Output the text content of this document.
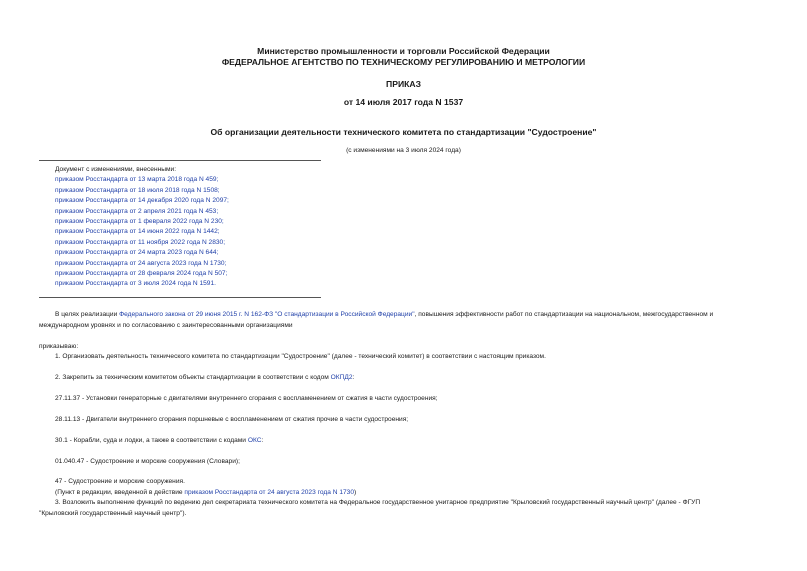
Министерство промышленности и торговли Российской Федерации
ФЕДЕРАЛЬНОЕ АГЕНТСТВО ПО ТЕХНИЧЕСКОМУ РЕГУЛИРОВАНИЮ И МЕТРОЛОГИИ
ПРИКАЗ
от 14 июля 2017 года N 1537
Об организации деятельности технического комитета по стандартизации "Судостроение"
(с изменениями на 3 июля 2024 года)
Документ с изменениями, внесенными:
приказом Росстандарта от 13 марта 2018 года N 459;
приказом Росстандарта от 18 июля 2018 года N 1508;
приказом Росстандарта от 14 декабря 2020 года N 2097;
приказом Росстандарта от 2 апреля 2021 года N 453;
приказом Росстандарта от 1 февраля 2022 года N 230;
приказом Росстандарта от 14 июня 2022 года N 1442;
приказом Росстандарта от 11 ноября 2022 года N 2830;
приказом Росстандарта от 24 марта 2023 года N 644;
приказом Росстандарта от 24 августа 2023 года N 1730;
приказом Росстандарта от 28 февраля 2024 года N 507;
приказом Росстандарта от 3 июля 2024 года N 1591.
В целях реализации Федерального закона от 29 июня 2015 г. N 162-ФЗ "О стандартизации в Российской Федерации", повышения эффективности работ по стандартизации на национальном, межгосударственном и
международном уровнях и по согласованию с заинтересованными организациями
приказываю:
1. Организовать деятельность технического комитета по стандартизации "Судостроение" (далее - технический комитет) в соответствии с настоящим приказом.
2. Закрепить за техническим комитетом объекты стандартизации в соответствии с кодом ОКПД2:
27.11.37 - Установки генераторные с двигателями внутреннего сгорания с воспламенением от сжатия в части судостроения;
28.11.13 - Двигатели внутреннего сгорания поршневые с воспламенением от сжатия прочие в части судостроения;
30.1 - Корабли, суда и лодки, а также в соответствии с кодами ОКС:
01.040.47 - Судостроение и морские сооружения (Словари);
47 - Судостроение и морские сооружения.
(Пункт в редакции, введенной в действие приказом Росстандарта от 24 августа 2023 года N 1730)
3. Возложить выполнение функций по ведению дел секретариата технического комитета на Федеральное государственное унитарное предприятие "Крыловский государственный научный центр" (далее - ФГУП
"Крыловский государственный научный центр").
